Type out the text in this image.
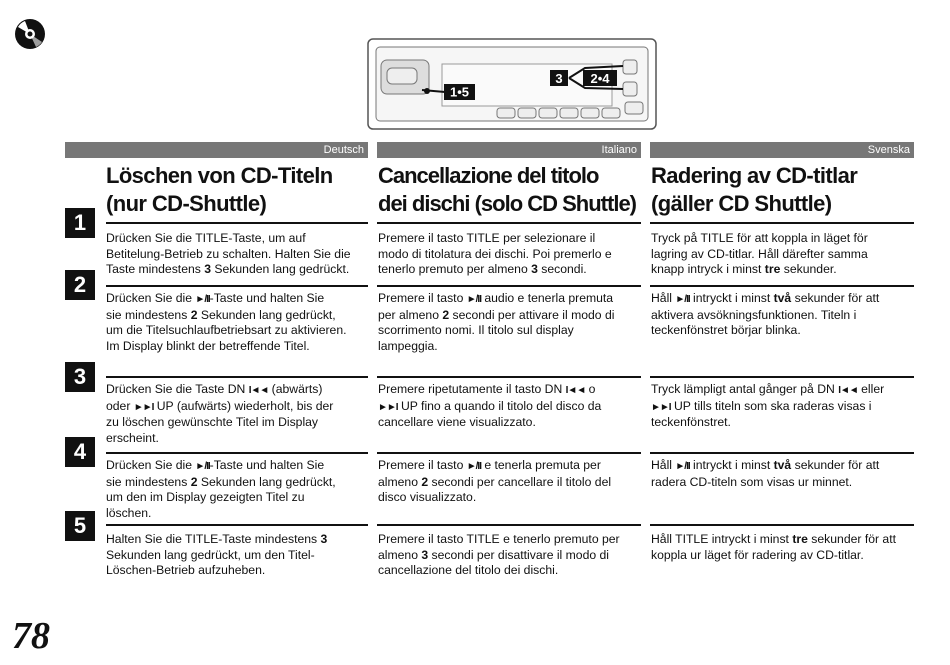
1•5
3 2•4
Deutsch	Italiano	Svenska
Löschen von CD-Titeln
(nur CD-Shuttle)
Cancellazione del titolo
dei dischi (solo CD Shuttle)
Radering av CD-titlar
(gäller CD Shuttle)
1
2
3
4
5
Drücken Sie die TITLE-Taste, um auf
Betitelung-Betrieb zu schalten. Halten Sie die
Taste mindestens 3 Sekunden lang gedrückt.
Drücken Sie die ►/II-Taste und halten Sie
sie mindestens 2 Sekunden lang gedrückt,
um die Titelsuchlaufbetriebsart zu aktivieren.
Im Display blinkt der betreffende Titel.
Drücken Sie die Taste DN I◄◄ (abwärts)
oder ►►I UP (aufwärts) wiederholt, bis der
zu löschen gewünschte Titel im Display
erscheint.
Drücken Sie die ►/II-Taste und halten Sie
sie mindestens 2 Sekunden lang gedrückt,
um den im Display gezeigten Titel zu
löschen.
Halten Sie die TITLE-Taste mindestens 3
Sekunden lang gedrückt, um den Titel-
Löschen-Betrieb aufzuheben.
Premere il tasto TITLE per selezionare il
modo di titolatura dei dischi. Poi premerlo e
tenerlo premuto per almeno 3 secondi.
Premere il tasto ►/II audio e tenerla premuta
per almeno 2 secondi per attivare il modo di
scorrimento nomi. Il titolo sul display
lampeggia.
Premere ripetutamente il tasto DN I◄◄ o
►►I UP fino a quando il titolo del disco da
cancellare viene visualizzato.
Premere il tasto ►/II e tenerla premuta per
almeno 2 secondi per cancellare il titolo del
disco visualizzato.
Premere il tasto TITLE e tenerlo premuto per
almeno 3 secondi per disattivare il modo di
cancellazione del titolo dei dischi.
Tryck på TITLE för att koppla in läget för
lagring av CD-titlar. Håll därefter samma
knapp intryck i minst tre sekunder.
Håll ►/II intryckt i minst två sekunder för att
aktivera avsökningsfunktionen. Titeln i
teckenfönstret börjar blinka.
Tryck lämpligt antal gånger på DN I◄◄ eller
►►I UP tills titeln som ska raderas visas i
teckenfönstret.
Håll ►/II intryckt i minst två sekunder för att
radera CD-titeln som visas ur minnet.
Håll TITLE intryckt i minst tre sekunder för att
koppla ur läget för radering av CD-titlar.
78
